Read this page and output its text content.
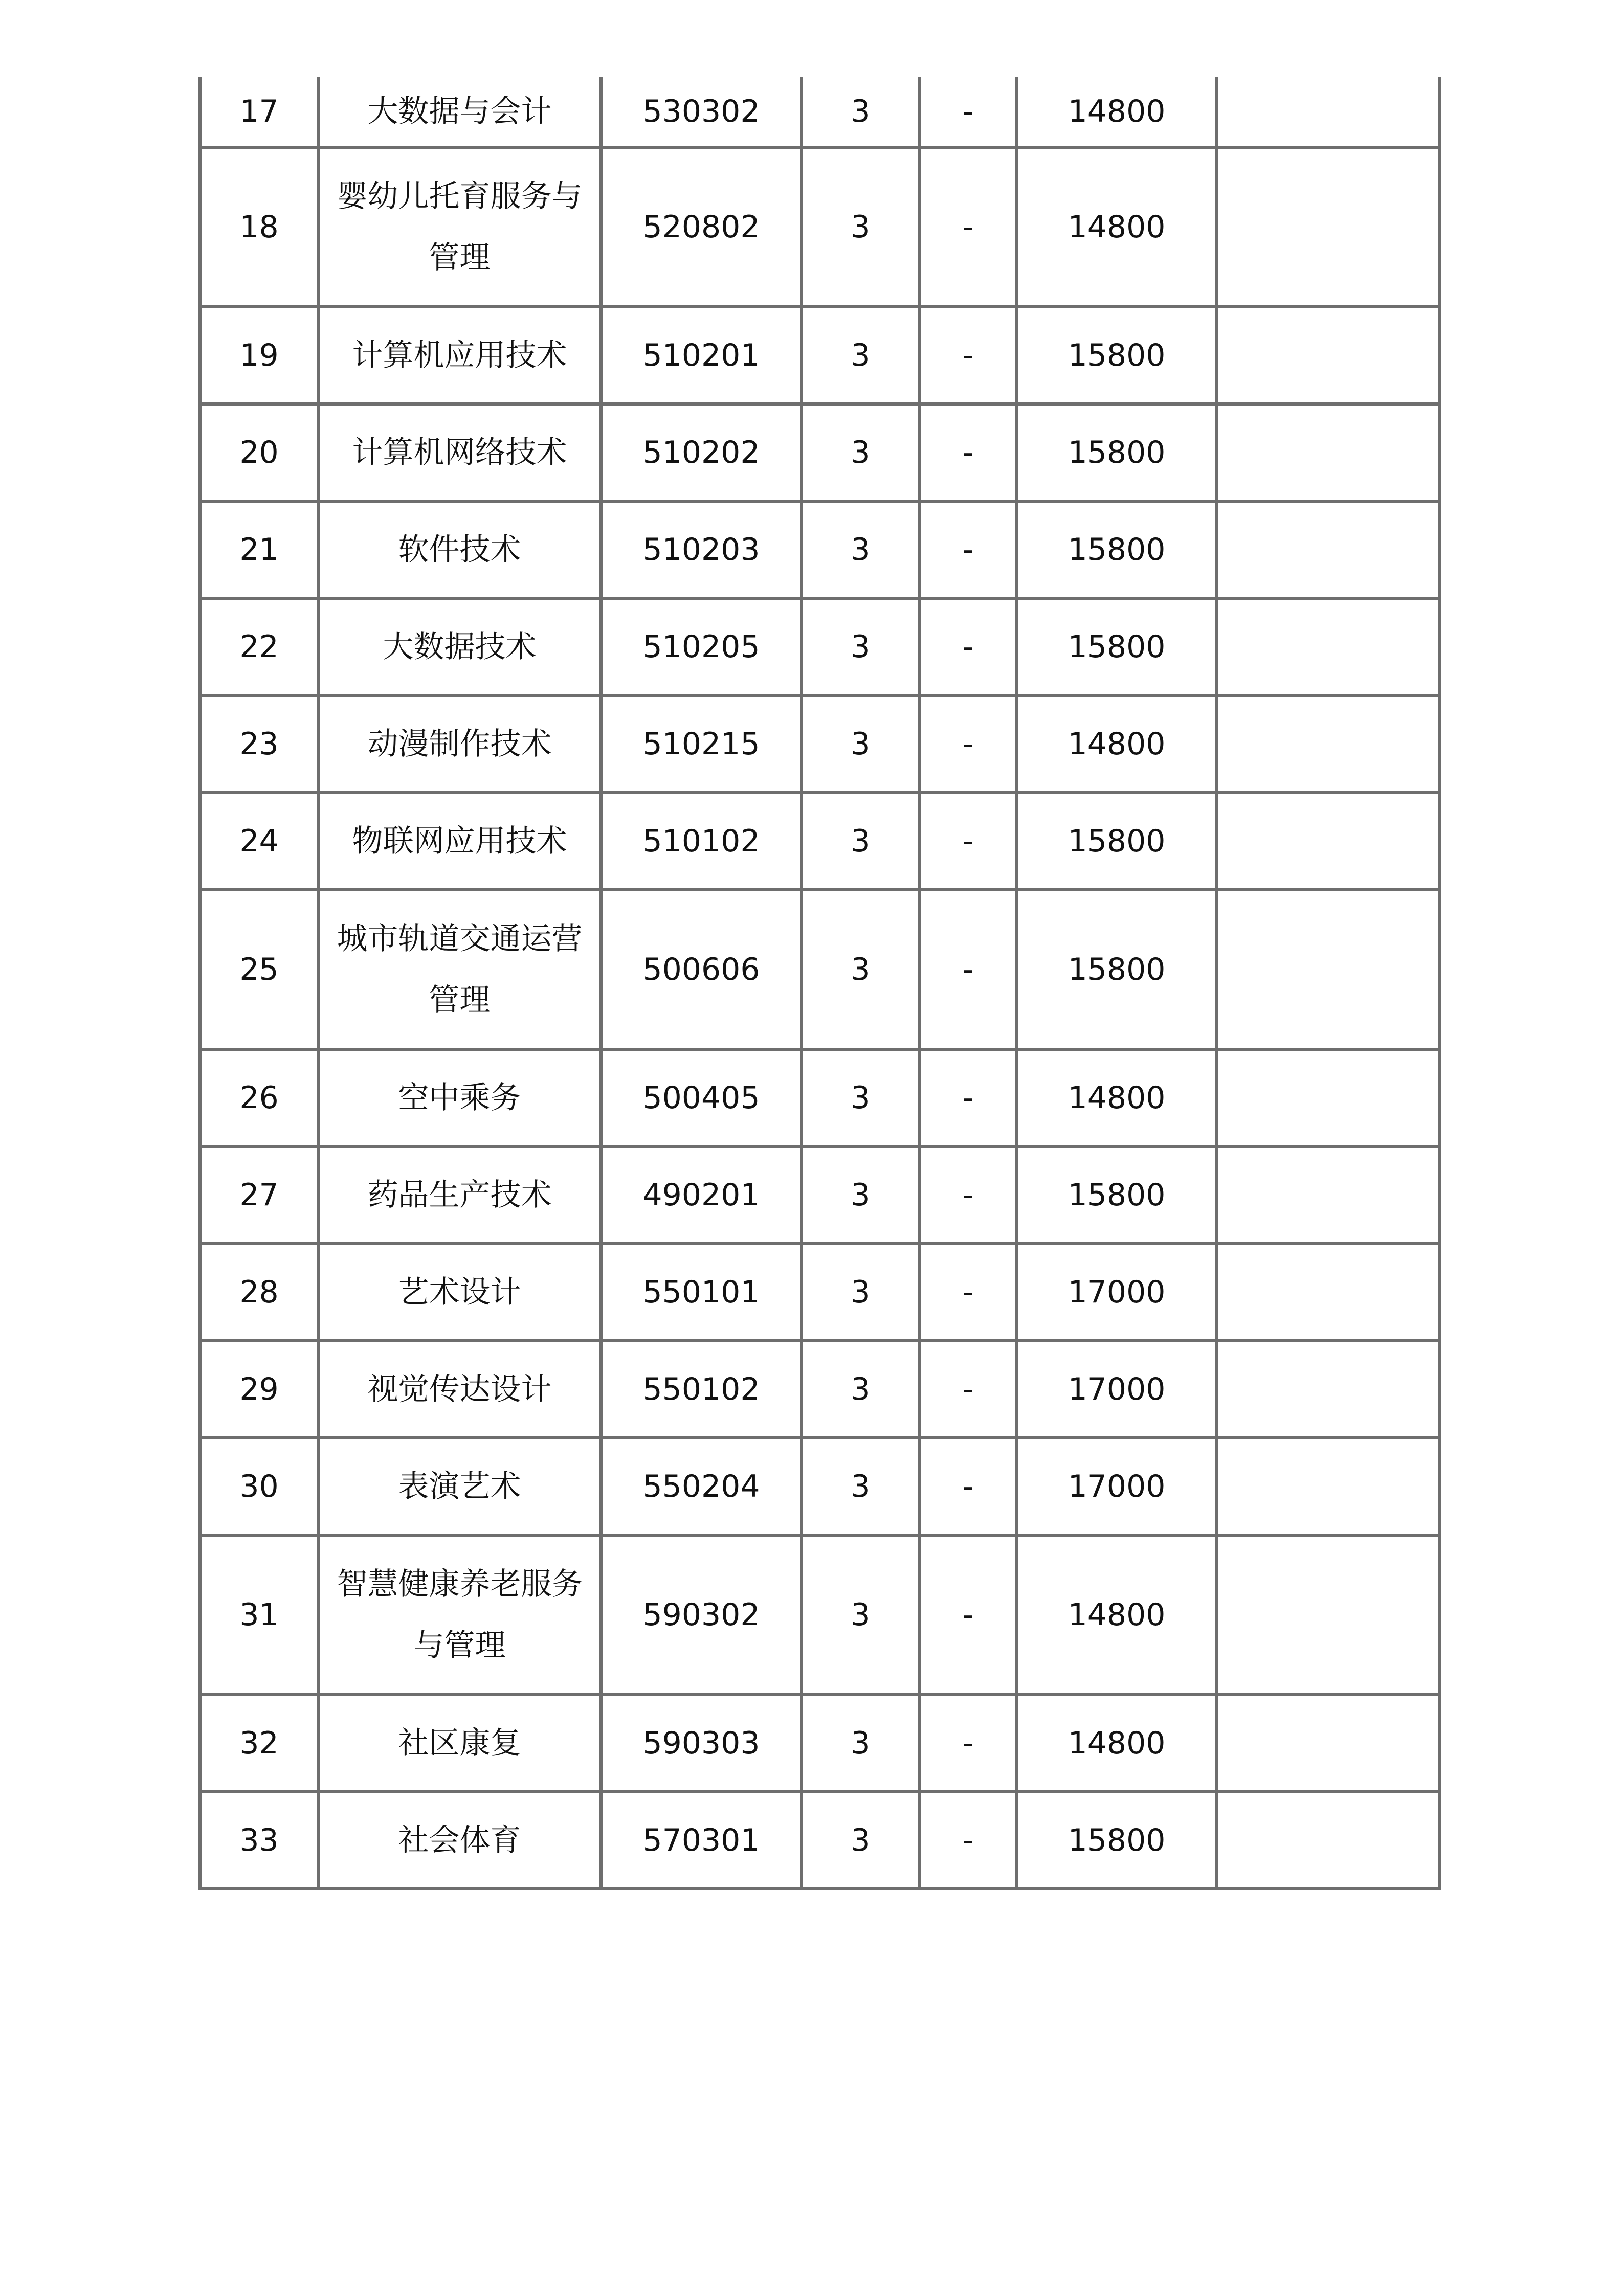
17	大数据与会计	530302	3	-	14800	
18	婴幼儿托育服务与管理	520802	3	-	14800	
19	计算机应用技术	510201	3	-	15800	
20	计算机网络技术	510202	3	-	15800	
21	软件技术	510203	3	-	15800	
22	大数据技术	510205	3	-	15800	
23	动漫制作技术	510215	3	-	14800	
24	物联网应用技术	510102	3	-	15800	
25	城市轨道交通运营管理	500606	3	-	15800	
26	空中乘务	500405	3	-	14800	
27	药品生产技术	490201	3	-	15800	
28	艺术设计	550101	3	-	17000	
29	视觉传达设计	550102	3	-	17000	
30	表演艺术	550204	3	-	17000	
31	智慧健康养老服务与管理	590302	3	-	14800	
32	社区康复	590303	3	-	14800	
33	社会体育	570301	3	-	15800	
